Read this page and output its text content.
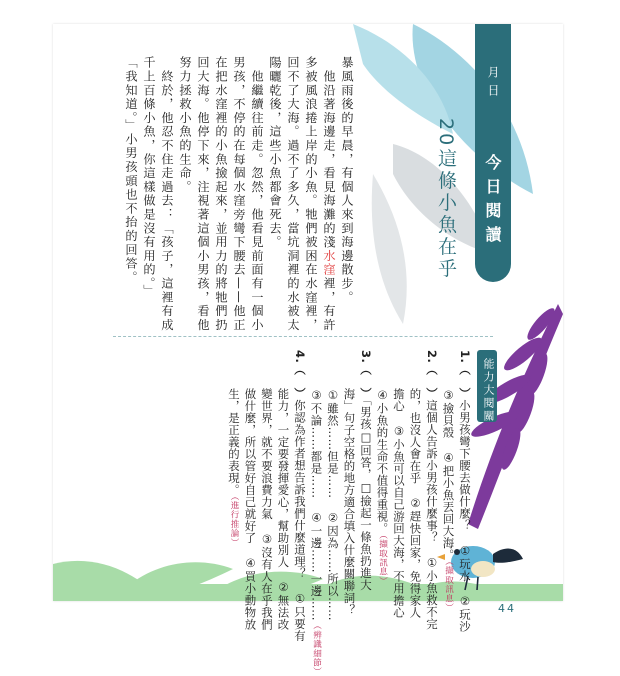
月日
今日閱讀
20這條小魚在乎
暴風雨後的早晨，有個人來到海邊散步。
　他沿著海邊走，看見海灘的淺水窪裡，有許
多被風浪捲上岸的小魚。牠們被困在水窪裡，
回不了大海。過不了多久，當坑洞裡的水被太
陽曬乾後，這些小魚都會死去。
　他繼續往前走。忽然，他看見前面有一個小
男孩，不停的在每個水窪旁彎下腰去——他正
在把水窪裡的小魚撿起來，並用力的將牠們扔
回大海。他停下來，注視著這個小男孩，看他
努力拯救小魚的生命。
　終於，他忍不住走過去：「孩子，這裡有成
千上百條小魚，你這樣做是沒有用的。」
「我知道。」小男孩頭也不抬的回答。
能力大閱關
1.（　）小男孩彎下腰去做什麼？　①玩水　②玩沙
③撿貝殼　④把小魚丟回大海。（擷取訊息）
2.（　）這個人告訴小男孩什麼事？　①小魚救不完
的，也沒人會在乎　②趕快回家，免得家人
擔心　③小魚可以自己游回大海，不用擔心
④小魚的生命不值得重視。（擷取訊息）
3.（　）「男孩□回答，□撿起一條魚扔進大
海」句子空格的地方適合填入什麼關聯詞？
①雖然……但是……　②因為……所以……
③不論……都是……　④一邊……一邊……（辨識細節）
4.（　）你認為作者想告訴我們什麼道理？　①只要有
能力，一定要發揮愛心，幫助別人　②無法改
變世界，就不要浪費力氣　③沒有人在乎我們
做什麼，所以管好自己就好了　④買小動物放
生，是正義的表現。（進行推論）
44
